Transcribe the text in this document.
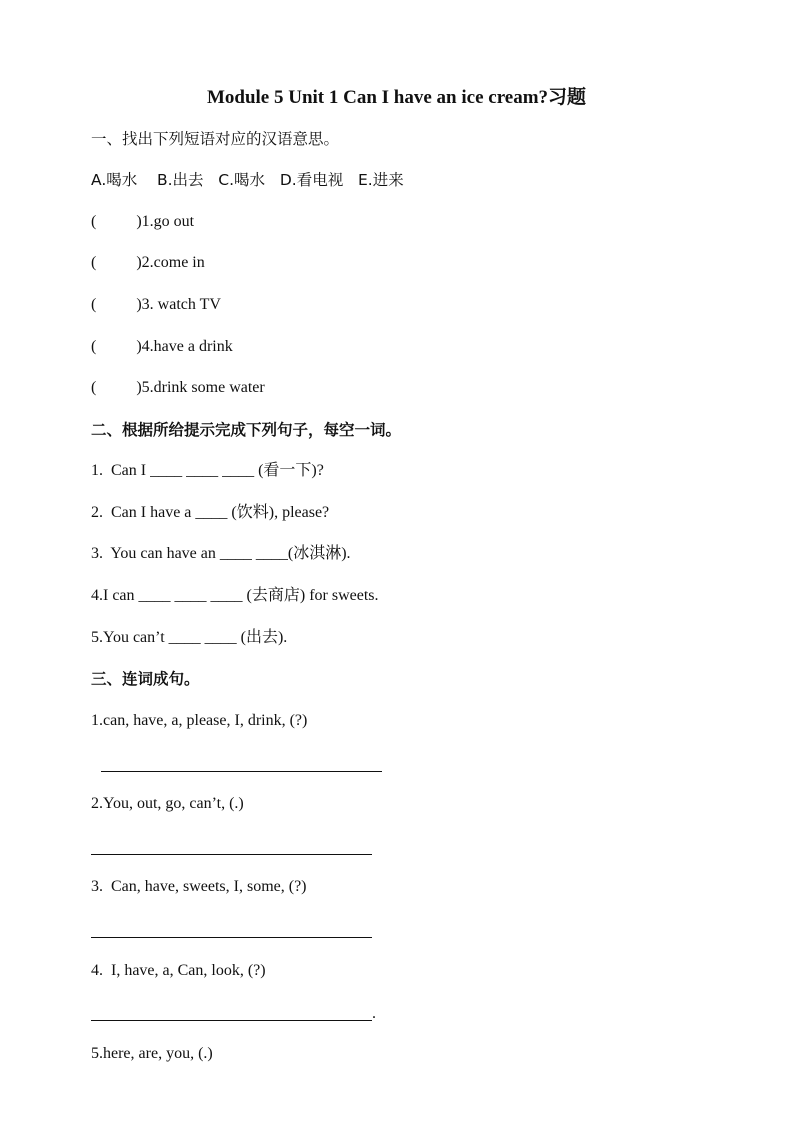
Module 5 Unit 1 Can I have an ice cream?习题
一、找出下列短语对应的汉语意思。
A.喝水    B.出去   C.喝水   D.看电视   E.进来
(          )1.go out
(          )2.come in
(          )3. watch TV
(          )4.have a drink
(          )5.drink some water
二、根据所给提示完成下列句子，每空一词。
1.  Can I ____ ____ ____ (看一下)?
2.  Can I have a ____ (饮料), please?
3.  You can have an ____ ____(冰淇淋).
4.I can ____ ____ ____ (去商店) for sweets.
5.You can’t ____ ____ (出去).
三、连词成句。
1.can, have, a, please, I, drink, (?)
2.You, out, go, can’t, (.)
3.  Can, have, sweets, I, some, (?)
4.  I, have, a, Can, look, (?)
.
5.here, are, you, (.)
